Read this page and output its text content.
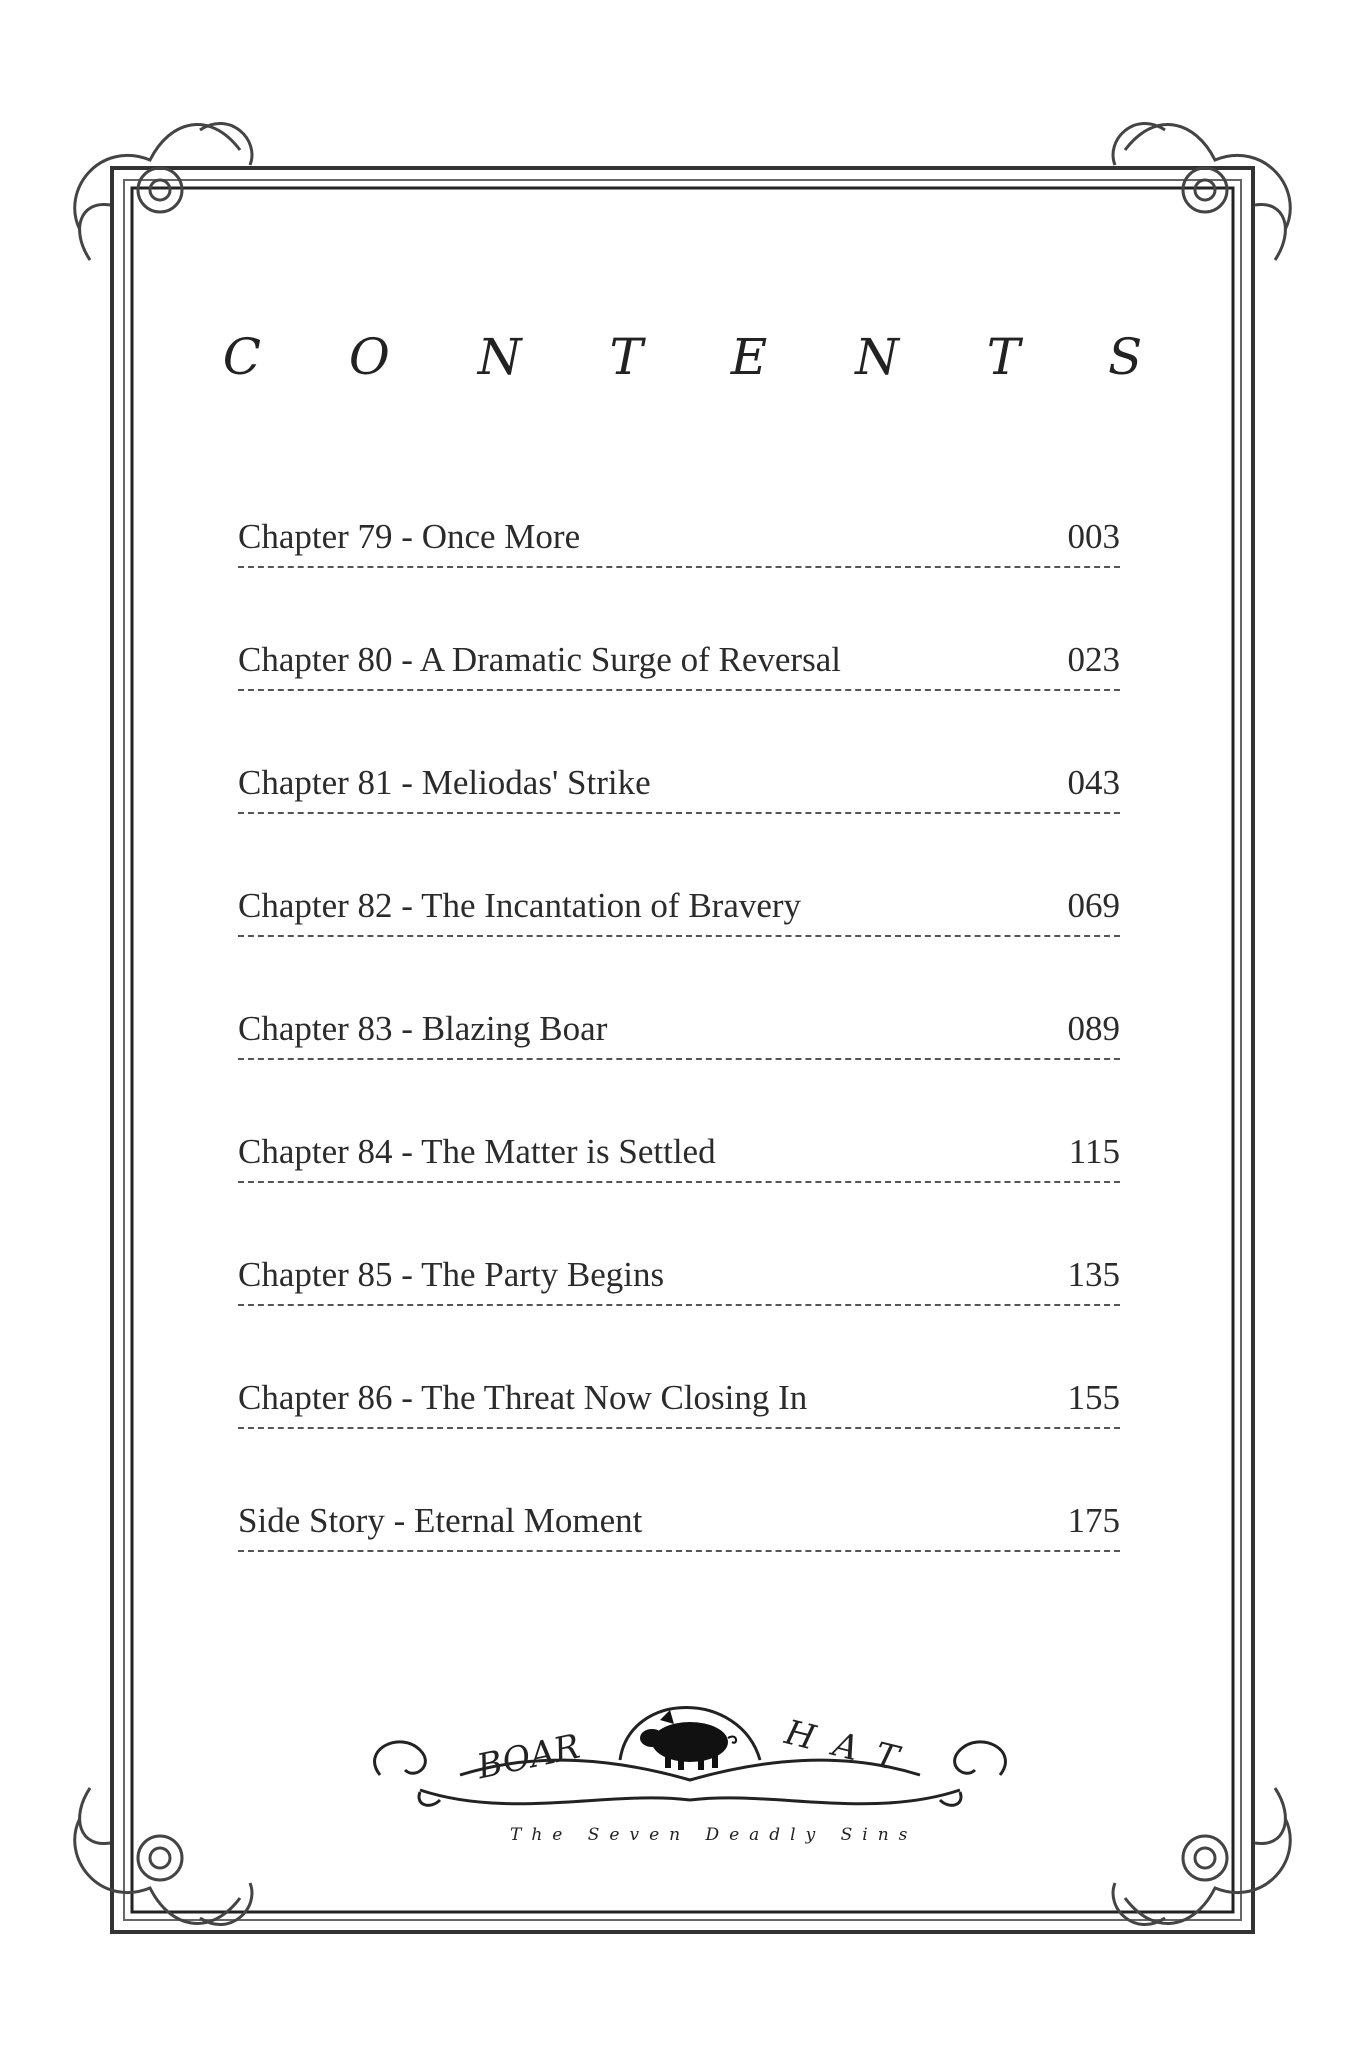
C O N T E N T S
Chapter 79 - Once More	003
Chapter 80 - A Dramatic Surge of Reversal	023
Chapter 81 - Meliodas' Strike	043
Chapter 82 - The Incantation of Bravery	069
Chapter 83 - Blazing Boar	089
Chapter 84 - The Matter is Settled	115
Chapter 85 - The Party Begins	135
Chapter 86 - The Threat Now Closing In	155
Side Story - Eternal Moment	175
BOAR	HAT
The Seven Deadly Sins
